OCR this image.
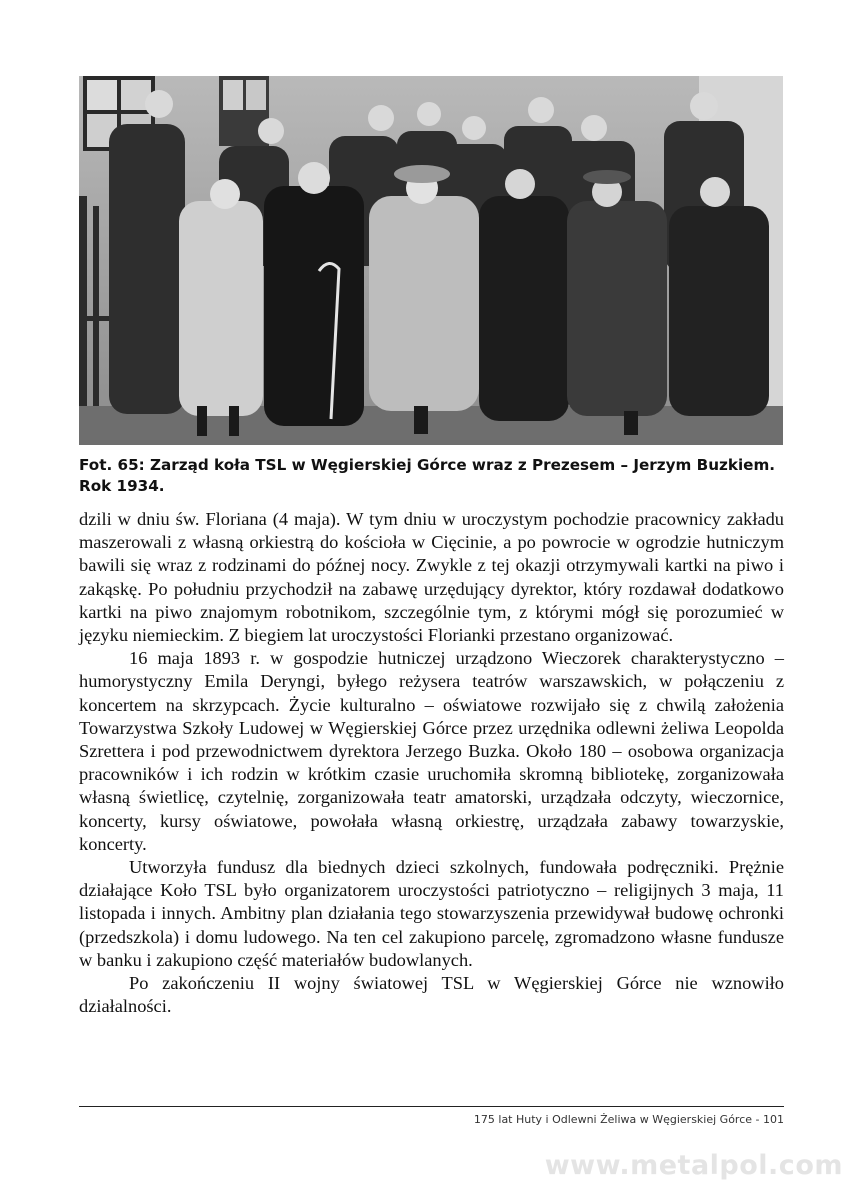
Fot. 65: Zarząd koła TSL w Węgierskiej Górce wraz z Prezesem – Jerzym Buzkiem.
Rok 1934.

dzili w dniu św. Floriana (4 maja). W tym dniu w uroczystym pochodzie pracownicy zakładu maszerowali z własną orkiestrą do kościoła w Cięcinie, a po powrocie w ogrodzie hutniczym bawili się wraz z rodzinami do późnej nocy. Zwykle z tej okazji otrzymywali kartki na piwo i zakąskę. Po południu przychodził na zabawę urzędujący dyrektor, który rozdawał dodatkowo kartki na piwo znajomym robotnikom, szczególnie tym, z którymi mógł się porozumieć w języku niemieckim. Z biegiem lat uroczystości Florianki przestano organizować.

16 maja 1893 r. w gospodzie hutniczej urządzono Wieczorek charakterystyczno – humorystyczny Emila Deryngi, byłego reżysera teatrów warszawskich, w połączeniu z koncertem na skrzypcach. Życie kulturalno – oświatowe rozwijało się z chwilą założenia Towarzystwa Szkoły Ludowej w Węgierskiej Górce przez urzędnika odlewni żeliwa Leopolda Szrettera i pod przewodnictwem dyrektora Jerzego Buzka. Około 180 – osobowa organizacja pracowników i ich rodzin w krótkim czasie uruchomiła skromną bibliotekę, zorganizowała własną świetlicę, czytelnię, zorganizowała teatr amatorski, urządzała odczyty, wieczornice, koncerty, kursy oświatowe, powołała własną orkiestrę, urządzała zabawy towarzyskie, koncerty.

Utworzyła fundusz dla biednych dzieci szkolnych, fundowała podręczniki. Prężnie działające Koło TSL było organizatorem uroczystości patriotyczno – religijnych 3 maja, 11 listopada i innych. Ambitny plan działania tego stowarzyszenia przewidywał budowę ochronki (przedszkola) i domu ludowego. Na ten cel zakupiono parcelę, zgromadzono własne fundusze w banku i zakupiono część materiałów budowlanych.

Po zakończeniu II wojny światowej TSL w Węgierskiej Górce nie wznowiło działalności.

175 lat Huty i Odlewni Żeliwa w Węgierskiej Górce - 101
www.metalpol.com
